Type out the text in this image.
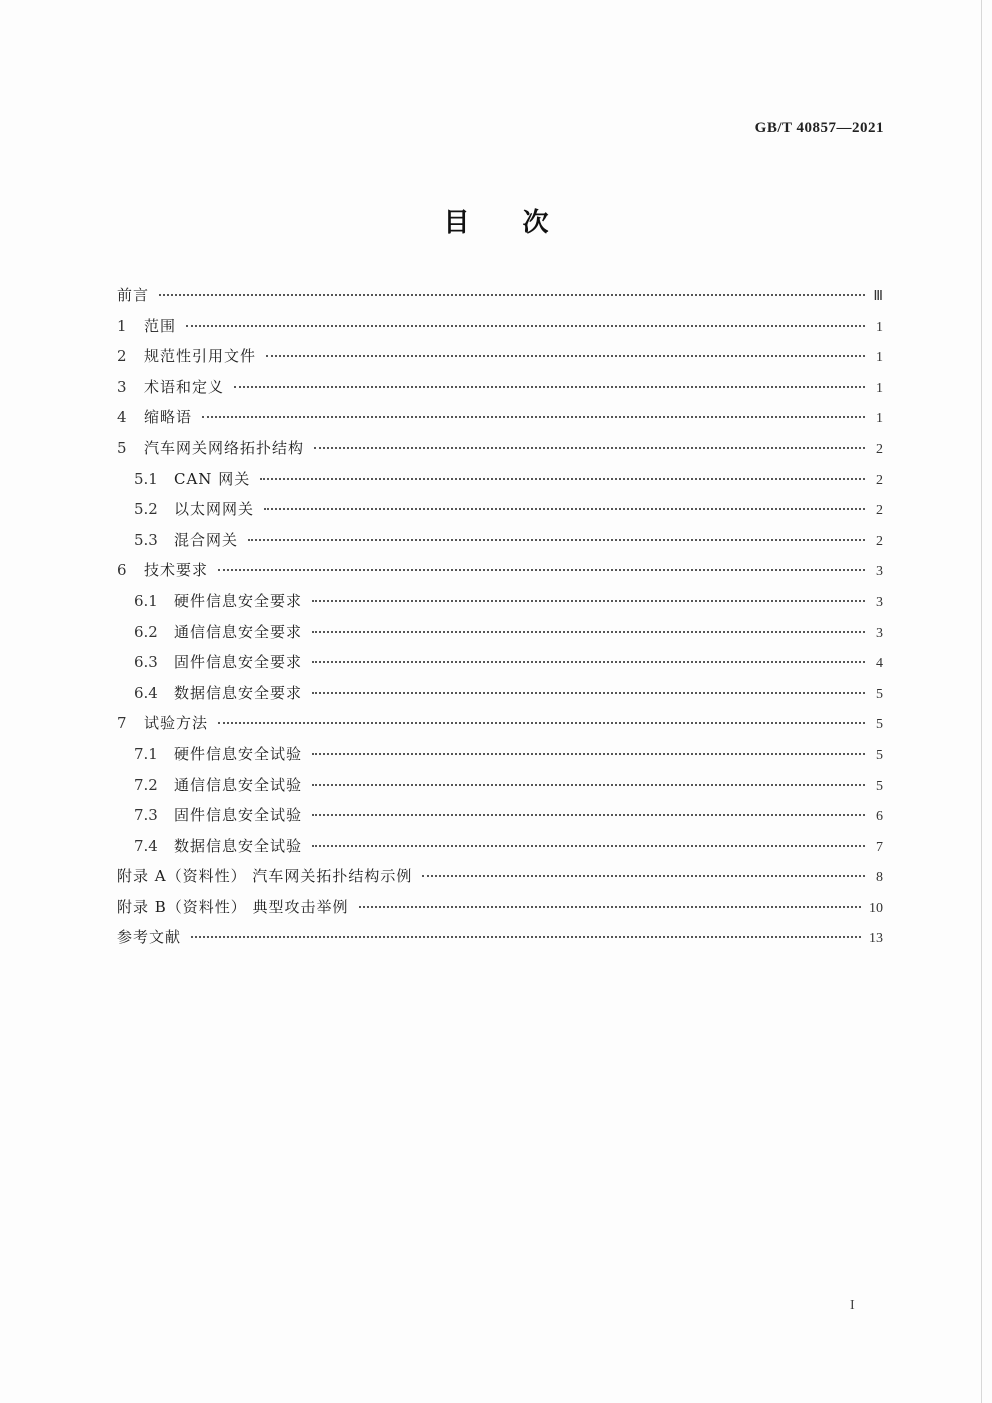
GB/T 40857—2021
目 次
前言	Ⅲ
1	范围	1
2	规范性引用文件	1
3	术语和定义	1
4	缩略语	1
5	汽车网关网络拓扑结构	2
5.1	CAN 网关	2
5.2	以太网网关	2
5.3	混合网关	2
6	技术要求	3
6.1	硬件信息安全要求	3
6.2	通信信息安全要求	3
6.3	固件信息安全要求	4
6.4	数据信息安全要求	5
7	试验方法	5
7.1	硬件信息安全试验	5
7.2	通信信息安全试验	5
7.3	固件信息安全试验	6
7.4	数据信息安全试验	7
附录 A（资料性） 汽车网关拓扑结构示例	8
附录 B（资料性） 典型攻击举例	10
参考文献	13
I
